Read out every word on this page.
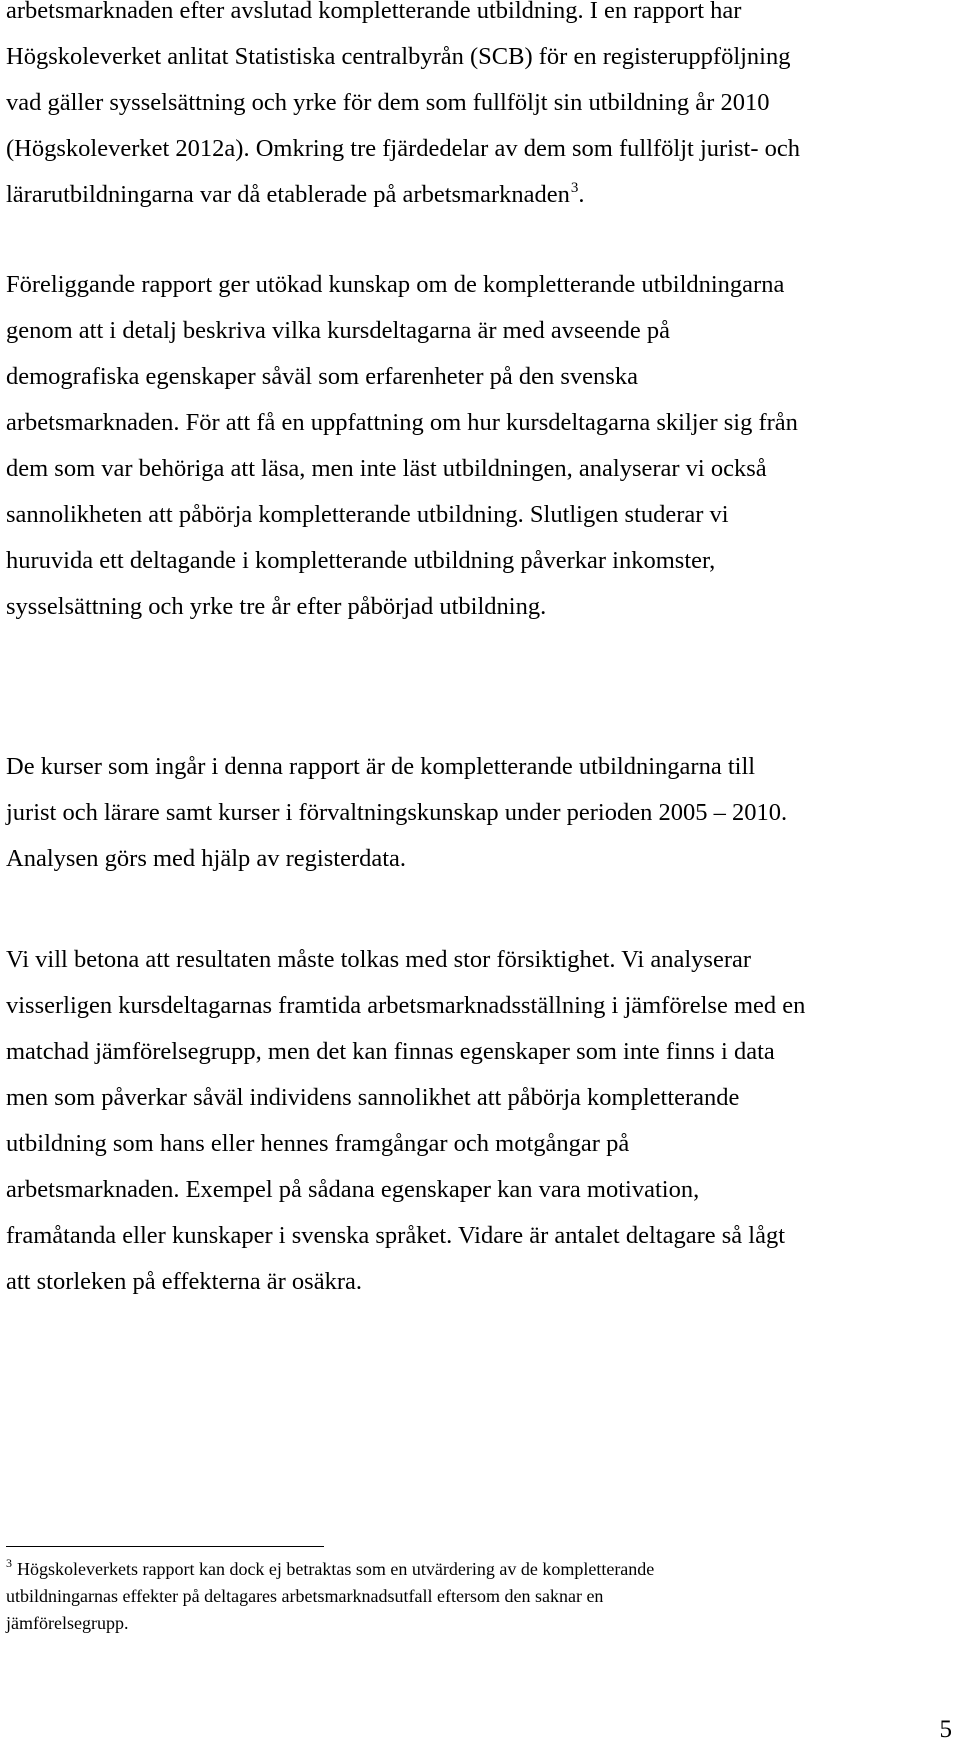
arbetsmarknaden efter avslutad kompletterande utbildning. I en rapport har
Högskoleverket anlitat Statistiska centralbyrån (SCB) för en registeruppföljning
vad gäller sysselsättning och yrke för dem som fullföljt sin utbildning år 2010
(Högskoleverket 2012a). Omkring tre fjärdedelar av dem som fullföljt jurist- och
lärarutbildningarna var då etablerade på arbetsmarknaden$^3$.

Föreliggande rapport ger utökad kunskap om de kompletterande utbildningarna
genom att i detalj beskriva vilka kursdeltagarna är med avseende på
demografiska egenskaper såväl som erfarenheter på den svenska
arbetsmarknaden. För att få en uppfattning om hur kursdeltagarna skiljer sig från
dem som var behöriga att läsa, men inte läst utbildningen, analyserar vi också
sannolikheten att påbörja kompletterande utbildning. Slutligen studerar vi
huruvida ett deltagande i kompletterande utbildning påverkar inkomster,
sysselsättning och yrke tre år efter påbörjad utbildning.

De kurser som ingår i denna rapport är de kompletterande utbildningarna till
jurist och lärare samt kurser i förvaltningskunskap under perioden 2005 – 2010.
Analysen görs med hjälp av registerdata.

Vi vill betona att resultaten måste tolkas med stor försiktighet. Vi analyserar
visserligen kursdeltagarnas framtida arbetsmarknadsställning i jämförelse med en
matchad jämförelsegrupp, men det kan finnas egenskaper som inte finns i data
men som påverkar såväl individens sannolikhet att påbörja kompletterande
utbildning som hans eller hennes framgångar och motgångar på
arbetsmarknaden. Exempel på sådana egenskaper kan vara motivation,
framåtanda eller kunskaper i svenska språket. Vidare är antalet deltagare så lågt
att storleken på effekterna är osäkra.

$^3$ Högskoleverkets rapport kan dock ej betraktas som en utvärdering av de kompletterande
utbildningarnas effekter på deltagares arbetsmarknadsutfall eftersom den saknar en
jämförelsegrupp.
5
